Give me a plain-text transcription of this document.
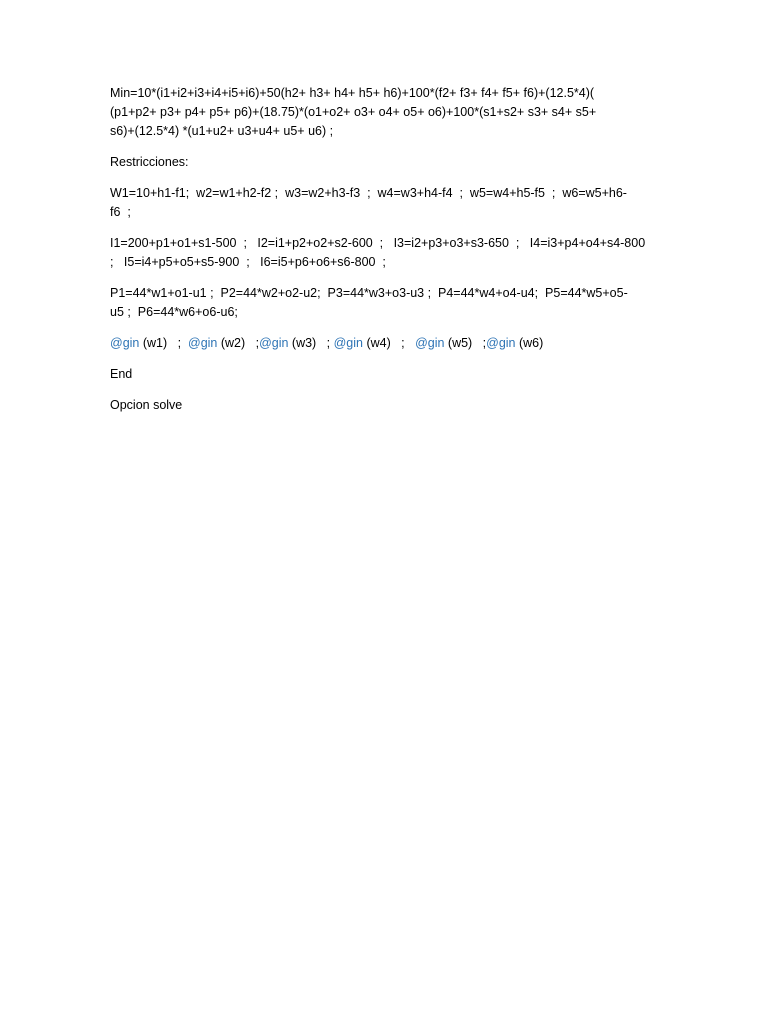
Min=10*(i1+i2+i3+i4+i5+i6)+50(h2+ h3+ h4+ h5+ h6)+100*(f2+ f3+ f4+ f5+ f6)+(12.5*4)(
(p1+p2+ p3+ p4+ p5+ p6)+(18.75)*(o1+o2+ o3+ o4+ o5+ o6)+100*(s1+s2+ s3+ s4+ s5+
s6)+(12.5*4) *(u1+u2+ u3+u4+ u5+ u6) ;

Restricciones:

W1=10+h1-f1;  w2=w1+h2-f2 ;  w3=w2+h3-f3  ;  w4=w3+h4-f4  ;  w5=w4+h5-f5  ;  w6=w5+h6-
f6  ;

I1=200+p1+o1+s1-500  ;   I2=i1+p2+o2+s2-600  ;   I3=i2+p3+o3+s3-650  ;   I4=i3+p4+o4+s4-800
;   I5=i4+p5+o5+s5-900  ;   I6=i5+p6+o6+s6-800  ;

P1=44*w1+o1-u1 ;  P2=44*w2+o2-u2;  P3=44*w3+o3-u3 ;  P4=44*w4+o4-u4;  P5=44*w5+o5-
u5 ;  P6=44*w6+o6-u6;

@gin (w1)   ;  @gin (w2)   ;@gin (w3)   ; @gin (w4)   ;   @gin (w5)   ;@gin (w6)

End

Opcion solve
